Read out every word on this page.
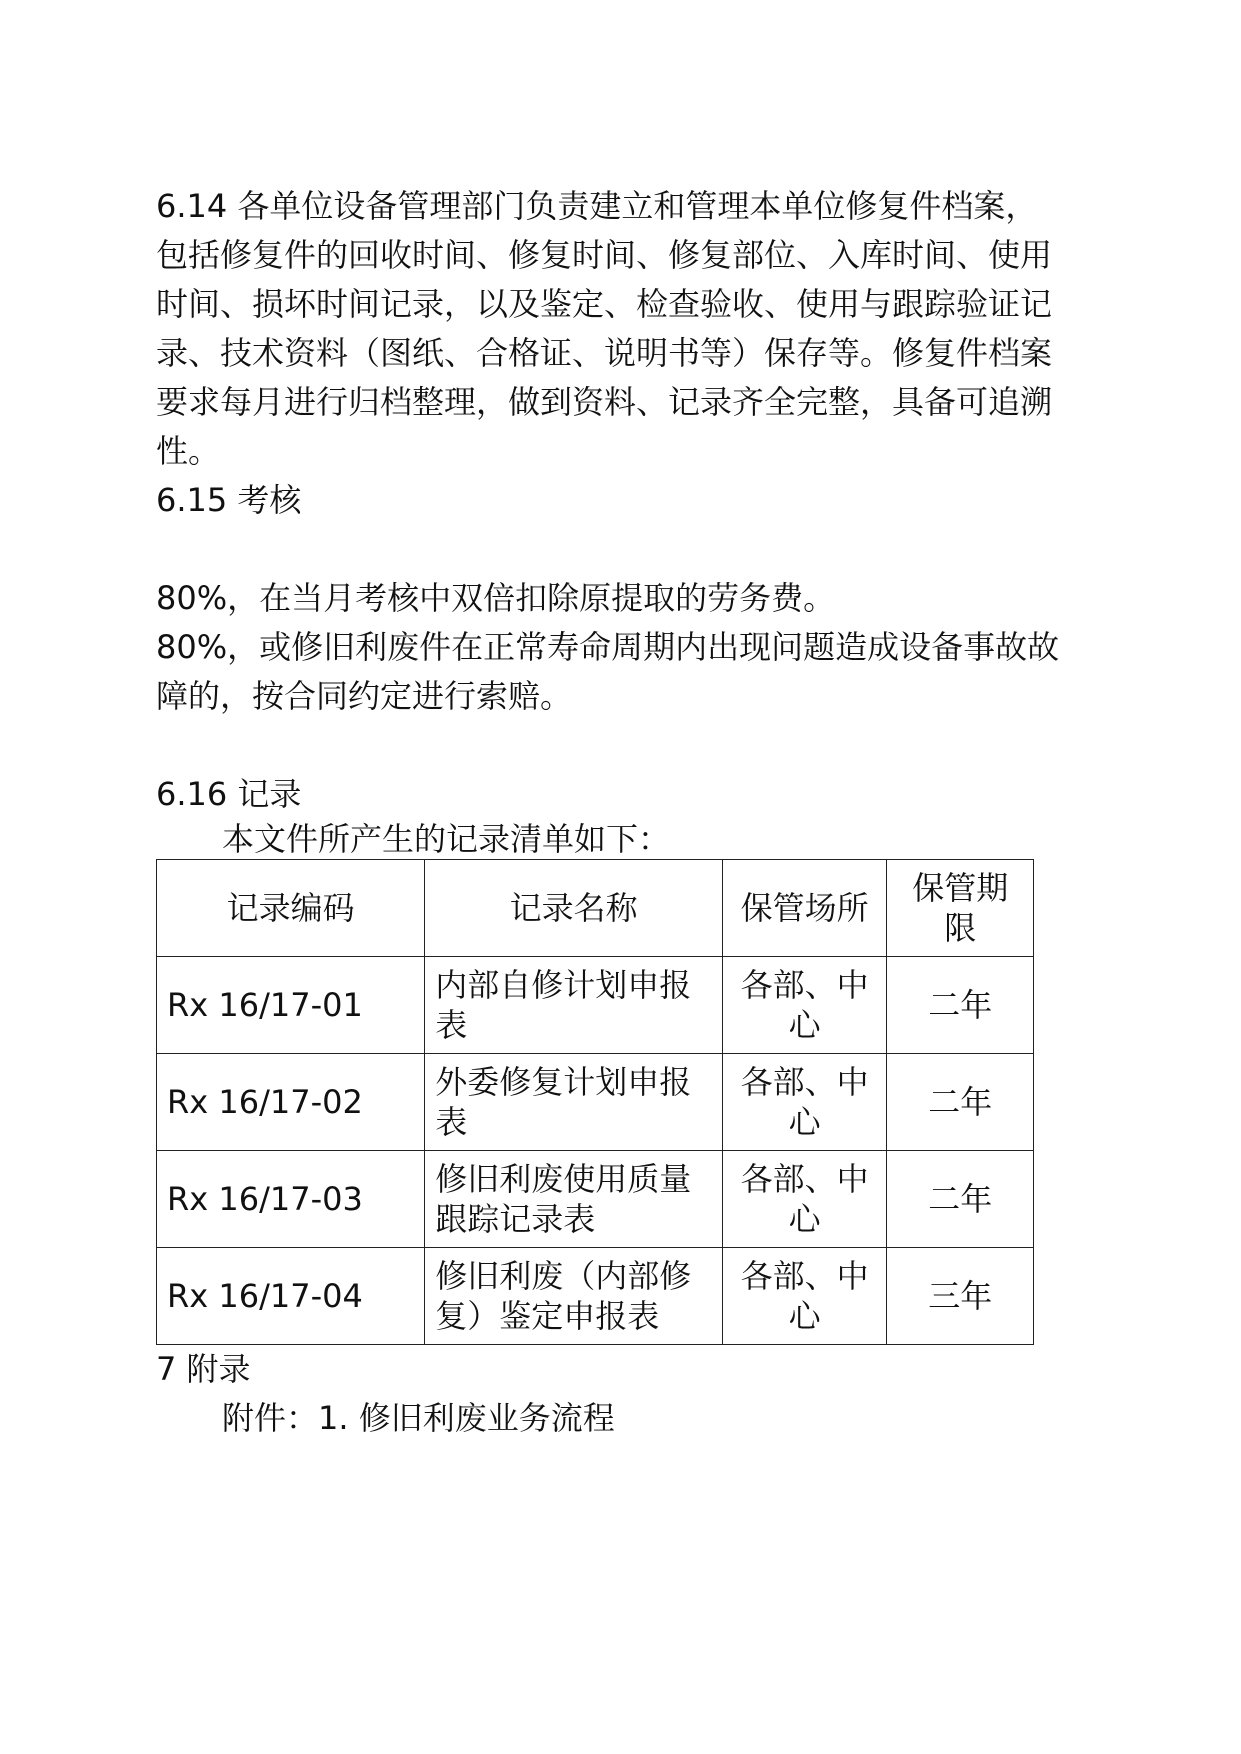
6.14 各单位设备管理部门负责建立和管理本单位修复件档案，包括修复件的回收时间、修复时间、修复部位、入库时间、使用时间、损坏时间记录，以及鉴定、检查验收、使用与跟踪验证记录、技术资料（图纸、合格证、说明书等）保存等。修复件档案要求每月进行归档整理，做到资料、记录齐全完整，具备可追溯性。

6.15 考核

80%，在当月考核中双倍扣除原提取的劳务费。

80%，或修旧利废件在正常寿命周期内出现问题造成设备事故故障的，按合同约定进行索赔。

6.16 记录

本文件所产生的记录清单如下：

记录编码	记录名称	保管场所	保管期限
Rx 16/17-01	内部自修计划申报表	各部、中心	二年
Rx 16/17-02	外委修复计划申报表	各部、中心	二年
Rx 16/17-03	修旧利废使用质量跟踪记录表	各部、中心	二年
Rx 16/17-04	修旧利废（内部修复）鉴定申报表	各部、中心	三年

7 附录

附件：1. 修旧利废业务流程
